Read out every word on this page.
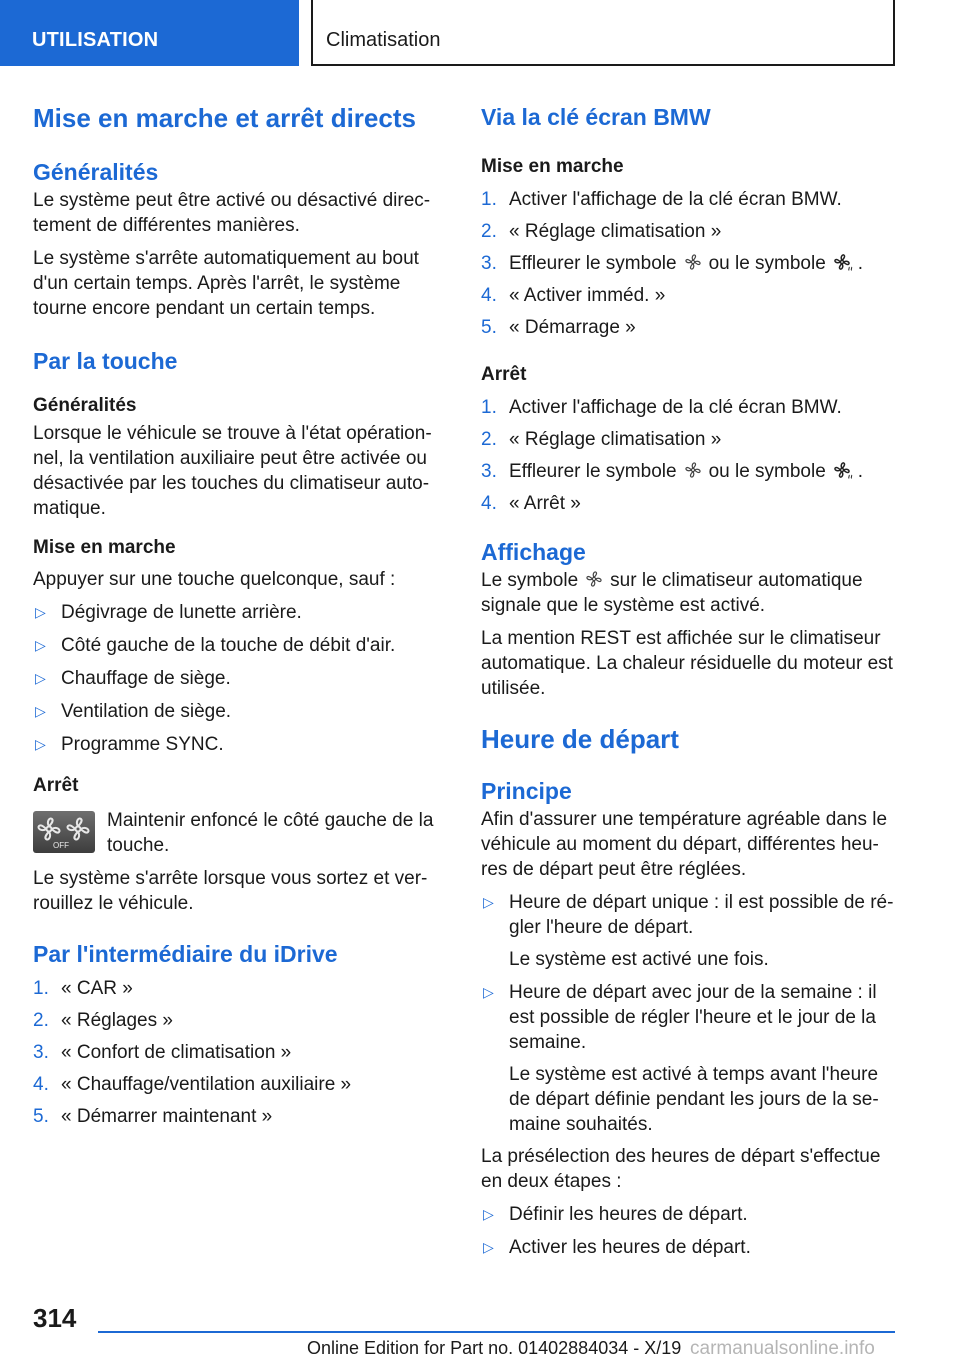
UTILISATION	Climatisation
Mise en marche et arrêt directs
Généralités
Le système peut être activé ou désactivé direc-tement de différentes manières.
Le système s'arrête automatiquement au bout d'un certain temps. Après l'arrêt, le système tourne encore pendant un certain temps.
Par la touche
Généralités
Lorsque le véhicule se trouve à l'état opération-nel, la ventilation auxiliaire peut être activée ou désactivée par les touches du climatiseur auto-matique.
Mise en marche
Appuyer sur une touche quelconque, sauf :
▷ Dégivrage de lunette arrière.
▷ Côté gauche de la touche de débit d'air.
▷ Chauffage de siège.
▷ Ventilation de siège.
▷ Programme SYNC.
Arrêt
OFF
Maintenir enfoncé le côté gauche de la touche.
Le système s'arrête lorsque vous sortez et ver-rouillez le véhicule.
Par l'intermédiaire du iDrive
1. « CAR »
2. « Réglages »
3. « Confort de climatisation »
4. « Chauffage/ventilation auxiliaire »
5. « Démarrer maintenant »
Via la clé écran BMW
Mise en marche
1. Activer l'affichage de la clé écran BMW.
2. « Réglage climatisation »
3. Effleurer le symbole ou le symbole .
4. « Activer imméd. »
5. « Démarrage »
Arrêt
1. Activer l'affichage de la clé écran BMW.
2. « Réglage climatisation »
3. Effleurer le symbole ou le symbole .
4. « Arrêt »
Affichage
Le symbole sur le climatiseur automatique signale que le système est activé.
La mention REST est affichée sur le climatiseur automatique. La chaleur résiduelle du moteur est utilisée.
Heure de départ
Principe
Afin d'assurer une température agréable dans le véhicule au moment du départ, différentes heu-res de départ peut être réglées.
▷ Heure de départ unique : il est possible de ré-gler l'heure de départ.
Le système est activé une fois.
▷ Heure de départ avec jour de la semaine : il est possible de régler l'heure et le jour de la semaine.
Le système est activé à temps avant l'heure de départ définie pendant les jours de la se-maine souhaités.
La présélection des heures de départ s'effectue en deux étapes :
▷ Définir les heures de départ.
▷ Activer les heures de départ.
314
Online Edition for Part no. 01402884034 - X/19 carmanualsonline.info
